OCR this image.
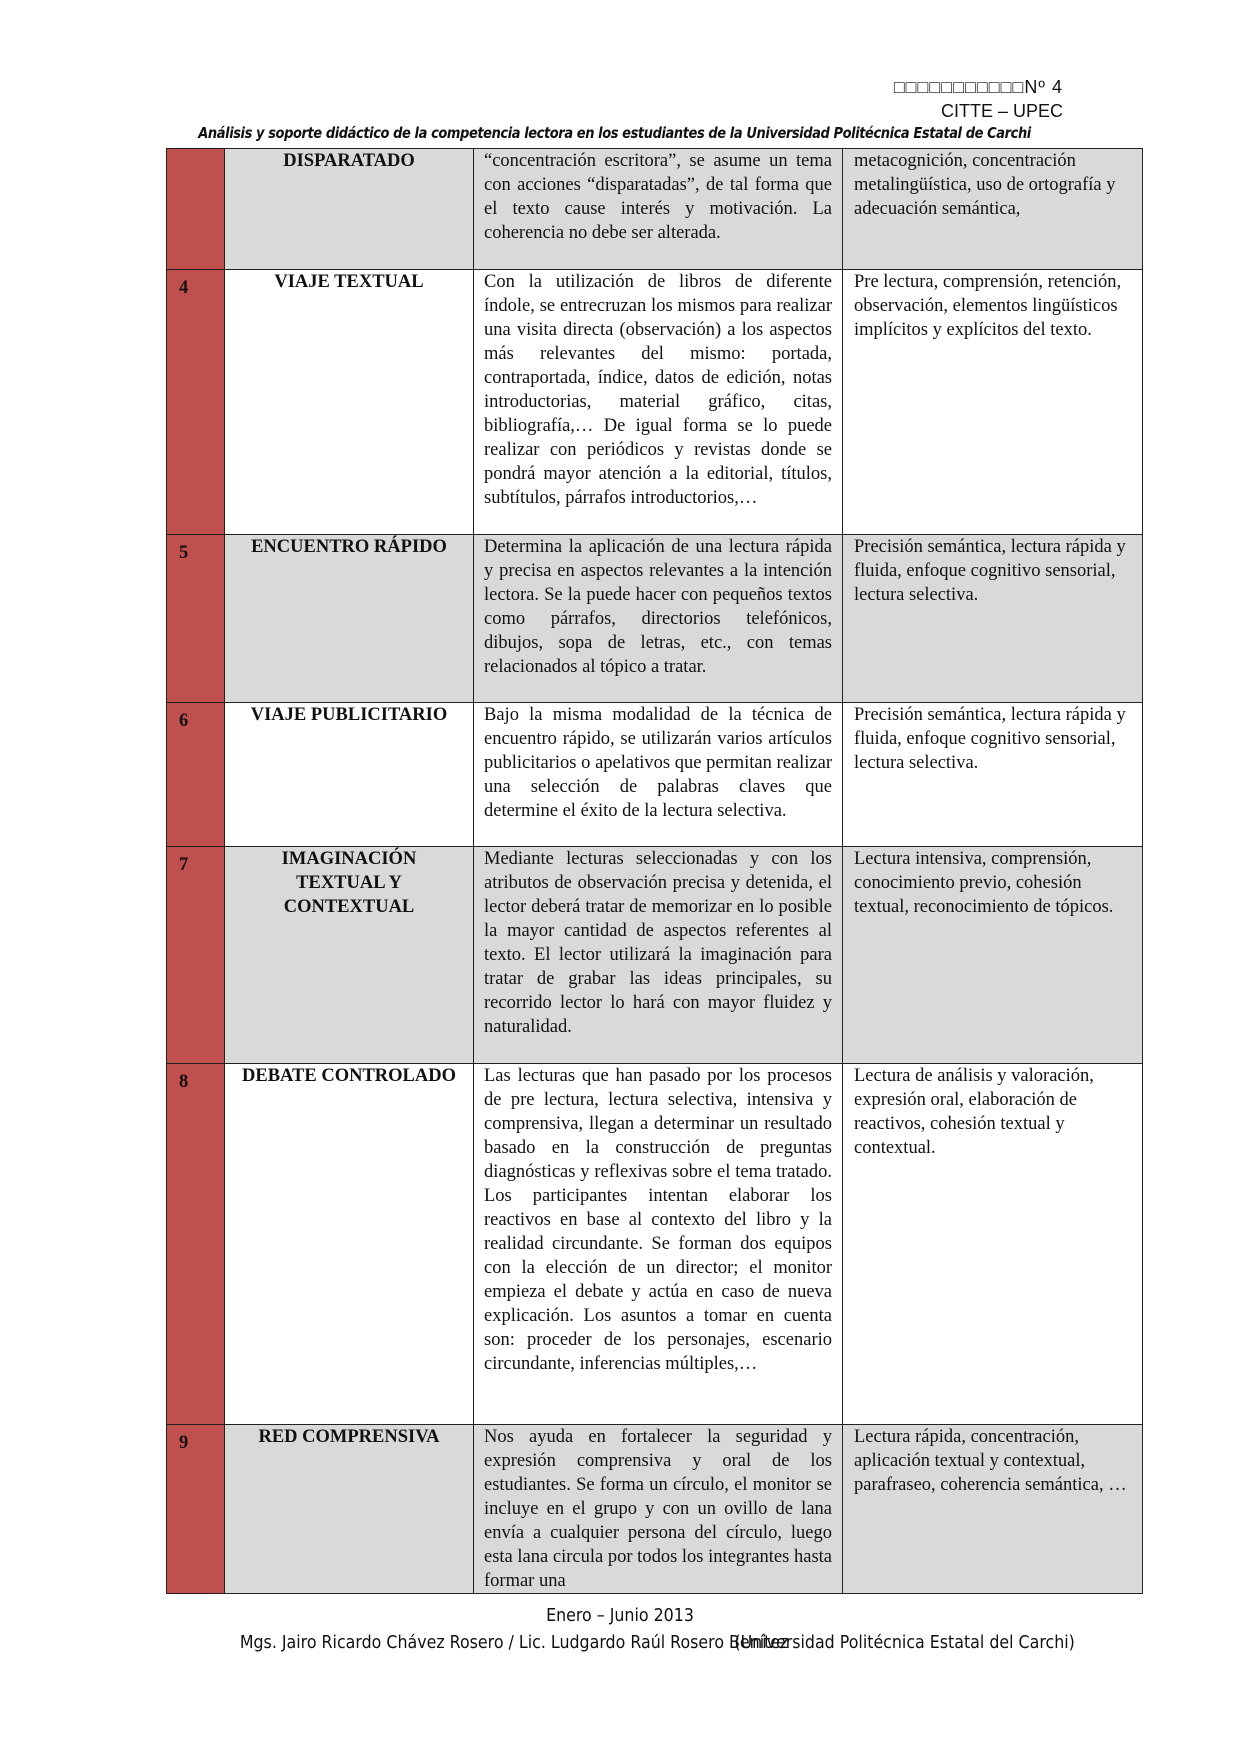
□□□□□□□□□□□Nº 4
CITTE – UPEC
Análisis y soporte didáctico de la competencia lectora en los estudiantes de la Universidad Politécnica Estatal de Carchi
	DISPARATADO	“concentración escritora”, se asume un tema con acciones “disparatadas”, de tal forma que el texto cause interés y motivación. La coherencia no debe ser alterada.	metacognición, concentración metalingüística, uso de ortografía y adecuación semántica,
4	VIAJE TEXTUAL	Con la utilización de libros de diferente índole, se entrecruzan los mismos para realizar una visita directa (observación) a los aspectos más relevantes del mismo: portada, contraportada, índice, datos de edición, notas introductorias, material gráfico, citas, bibliografía,… De igual forma se lo puede realizar con periódicos y revistas donde se pondrá mayor atención a la editorial, títulos, subtítulos, párrafos introductorios,…	Pre lectura, comprensión, retención, observación, elementos lingüísticos implícitos y explícitos del texto.
5	ENCUENTRO RÁPIDO	Determina la aplicación de una lectura rápida y precisa en aspectos relevantes a la intención lectora. Se la puede hacer con pequeños textos como párrafos, directorios telefónicos, dibujos, sopa de letras, etc., con temas relacionados al tópico a tratar.	Precisión semántica, lectura rápida y fluida, enfoque cognitivo sensorial, lectura selectiva.
6	VIAJE PUBLICITARIO	Bajo la misma modalidad de la técnica de encuentro rápido, se utilizarán varios artículos publicitarios o apelativos que permitan realizar una selección de palabras claves que determine el éxito de la lectura selectiva.	Precisión semántica, lectura rápida y fluida, enfoque cognitivo sensorial, lectura selectiva.
7	IMAGINACIÓN TEXTUAL Y CONTEXTUAL	Mediante lecturas seleccionadas y con los atributos de observación precisa y detenida, el lector deberá tratar de memorizar en lo posible la mayor cantidad de aspectos referentes al texto. El lector utilizará la imaginación para tratar de grabar las ideas principales, su recorrido lector lo hará con mayor fluidez y naturalidad.	Lectura intensiva, comprensión, conocimiento previo, cohesión textual, reconocimiento de tópicos.
8	DEBATE CONTROLADO	Las lecturas que han pasado por los procesos de pre lectura, lectura selectiva, intensiva y comprensiva, llegan a determinar un resultado basado en la construcción de preguntas diagnósticas y reflexivas sobre el tema tratado. Los participantes intentan elaborar los reactivos en base al contexto del libro y la realidad circundante. Se forman dos equipos con la elección de un director; el monitor empieza el debate y actúa en caso de nueva explicación. Los asuntos a tomar en cuenta son: proceder de los personajes, escenario circundante, inferencias múltiples,…	Lectura de análisis y valoración, expresión oral, elaboración de reactivos, cohesión textual y contextual.
9	RED COMPRENSIVA	Nos ayuda en fortalecer la seguridad y expresión comprensiva y oral de los estudiantes. Se forma un círculo, el monitor se incluye en el grupo y con un ovillo de lana envía a cualquier persona del círculo, luego esta lana circula por todos los integrantes hasta formar una	Lectura rápida, concentración, aplicación textual y contextual, parafraseo, coherencia semántica, …
Enero – Junio 2013
Mgs. Jairo Ricardo Chávez Rosero / Lic. Ludgardo Raúl Rosero Benítez
(Universidad Politécnica Estatal del Carchi)
